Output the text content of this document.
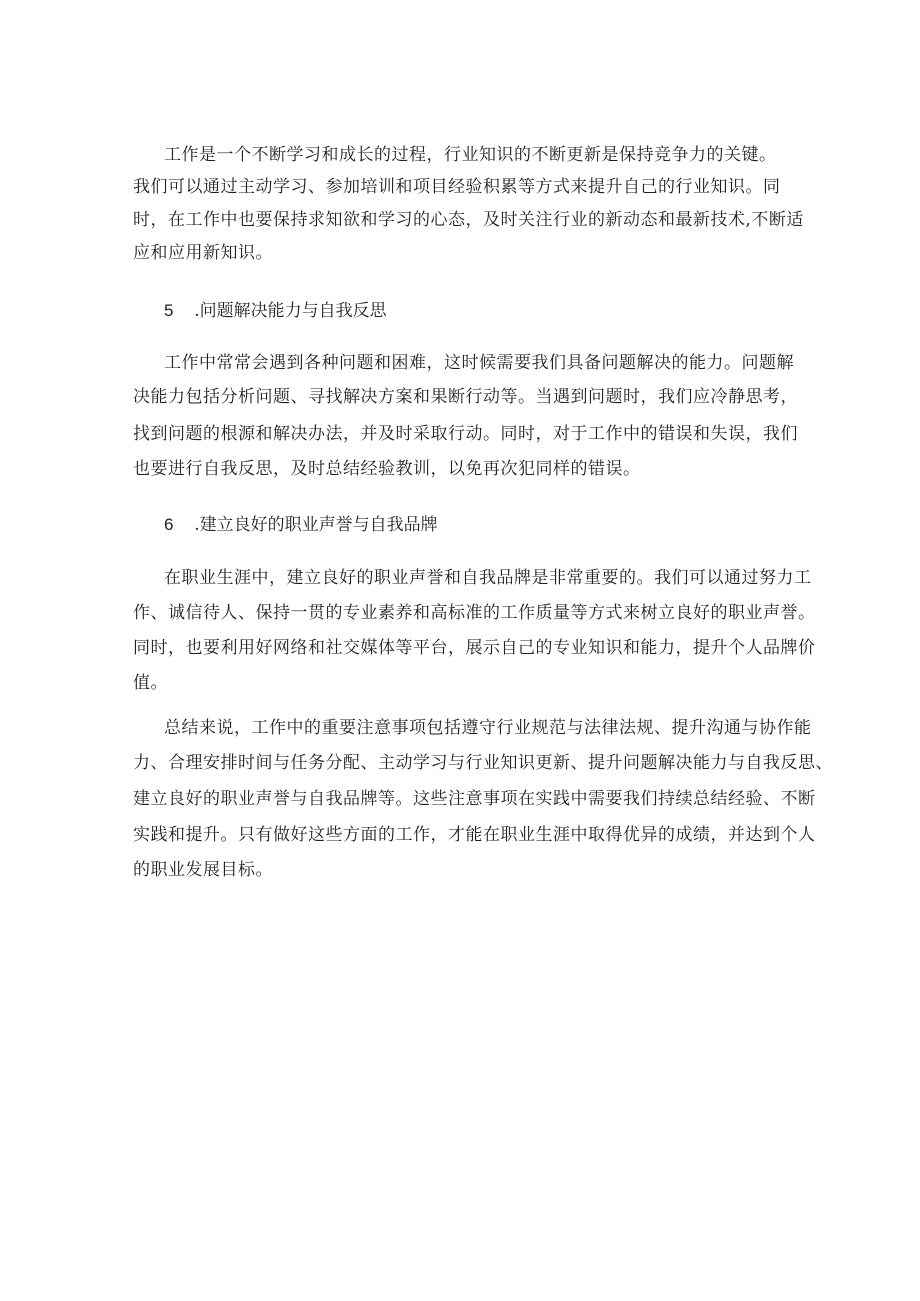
工作是一个不断学习和成长的过程，行业知识的不断更新是保持竞争力的关键。
我们可以通过主动学习、参加培训和项目经验积累等方式来提升自己的行业知识。同
时，在工作中也要保持求知欲和学习的心态，及时关注行业的新动态和最新技术,不断适
应和应用新知识。
5 .问题解决能力与自我反思
工作中常常会遇到各种问题和困难，这时候需要我们具备问题解决的能力。问题解
决能力包括分析问题、寻找解决方案和果断行动等。当遇到问题时，我们应冷静思考，
找到问题的根源和解决办法，并及时采取行动。同时，对于工作中的错误和失误，我们
也要进行自我反思，及时总结经验教训，以免再次犯同样的错误。
6 .建立良好的职业声誉与自我品牌
在职业生涯中，建立良好的职业声誉和自我品牌是非常重要的。我们可以通过努力工
作、诚信待人、保持一贯的专业素养和高标准的工作质量等方式来树立良好的职业声誉。
同时，也要利用好网络和社交媒体等平台，展示自己的专业知识和能力，提升个人品牌价
值。
总结来说，工作中的重要注意事项包括遵守行业规范与法律法规、提升沟通与协作能
力、合理安排时间与任务分配、主动学习与行业知识更新、提升问题解决能力与自我反思、
建立良好的职业声誉与自我品牌等。这些注意事项在实践中需要我们持续总结经验、不断
实践和提升。只有做好这些方面的工作，才能在职业生涯中取得优异的成绩，并达到个人
的职业发展目标。
